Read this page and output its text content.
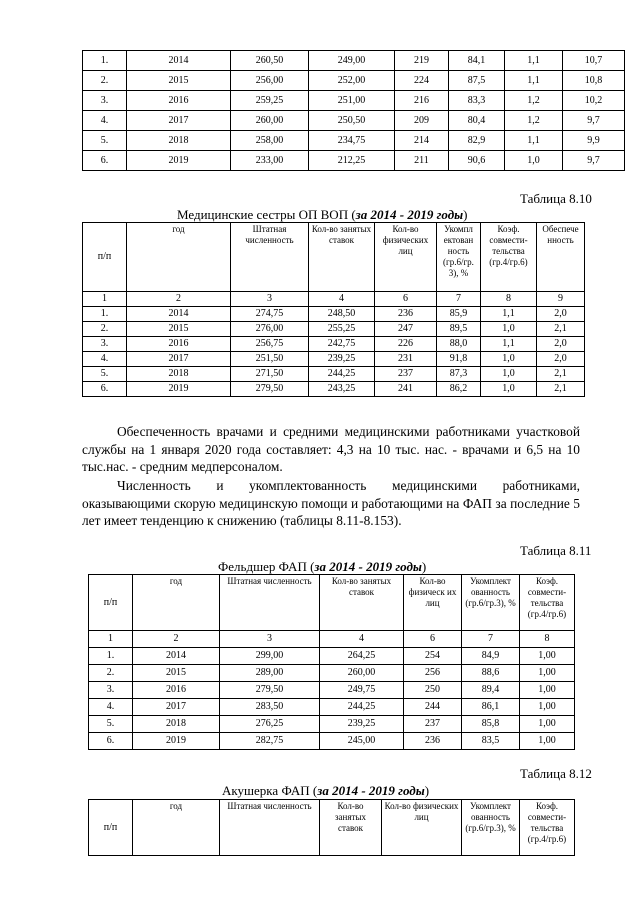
1.	2014	260,50	249,00	219	84,1	1,1	10,7
2.	2015	256,00	252,00	224	87,5	1,1	10,8
3.	2016	259,25	251,00	216	83,3	1,2	10,2
4.	2017	260,00	250,50	209	80,4	1,2	9,7
5.	2018	258,00	234,75	214	82,9	1,1	9,9
6.	2019	233,00	212,25	211	90,6	1,0	9,7
Таблица 8.10
Медицинские сестры ОП ВОП (за 2014 - 2019 годы)
п/п	год	Штатная численность	Кол-во занятых ставок	Кол-во физических лиц	Укомпл ектован ность (гр.6/гр. 3), %	Коэф. совмести-тельства (гр.4/гр.6)	Обеспече нность
1	2	3	4	6	7	8	9
1.	2014	274,75	248,50	236	85,9	1,1	2,0
2.	2015	276,00	255,25	247	89,5	1,0	2,1
3.	2016	256,75	242,75	226	88,0	1,1	2,0
4.	2017	251,50	239,25	231	91,8	1,0	2,0
5.	2018	271,50	244,25	237	87,3	1,0	2,1
6.	2019	279,50	243,25	241	86,2	1,0	2,1

Обеспеченность врачами и средними медицинскими работниками участковой службы на 1 января 2020 года составляет: 4,3 на 10 тыс. нас. - врачами и 6,5 на 10 тыс.нас. - средним медперсоналом.

Численность и укомплектованность медицинскими работниками, оказывающими скорую медицинскую помощи и работающими на ФАП за последние 5 лет имеет тенденцию к снижению (таблицы 8.11-8.153).

Таблица 8.11
Фельдшер ФАП (за 2014 - 2019 годы)
п/п	год	Штатная численность	Кол-во занятых ставок	Кол-во физическ их лиц	Укомплект ованность (гр.6/гр.3), %	Коэф. совмести-тельства (гр.4/гр.6)
1	2	3	4	6	7	8
1.	2014	299,00	264,25	254	84,9	1,00
2.	2015	289,00	260,00	256	88,6	1,00
3.	2016	279,50	249,75	250	89,4	1,00
4.	2017	283,50	244,25	244	86,1	1,00
5.	2018	276,25	239,25	237	85,8	1,00
6.	2019	282,75	245,00	236	83,5	1,00
Таблица 8.12
Акушерка ФАП (за 2014 - 2019 годы)
п/п	год	Штатная численность	Кол-во занятых ставок	Кол-во физических лиц	Укомплект ованность (гр.6/гр.3), %	Коэф. совмести-тельства (гр.4/гр.6)
